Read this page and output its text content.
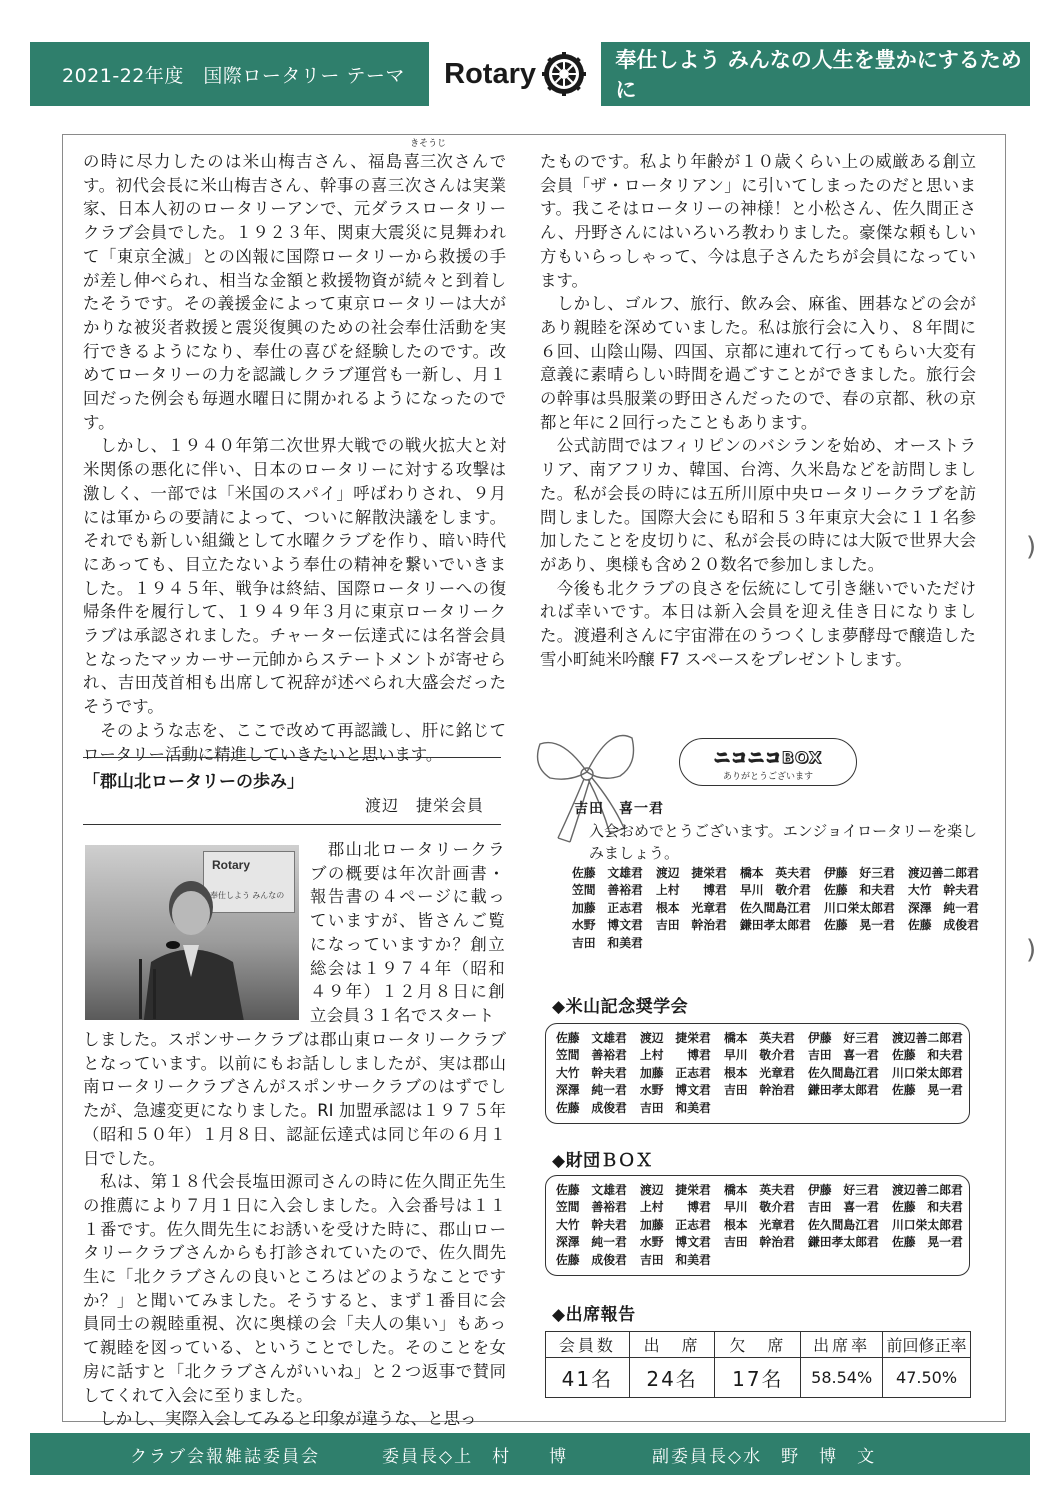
2021-22年度　国際ロータリー テーマ	Rotary	奉仕しよう みんなの人生を豊かにするために

の時に尽力したのは米山梅吉さん、福島
きそうじ
喜三次さんです。初代会長に米山梅吉さん、幹事の喜三次さんは実業家、日本人初のロータリーアンで、元ダラスロータリークラブ会員でした。１９２３年、関東大震災に見舞われて「東京全滅」との凶報に国際ロータリーから救援の手が差し伸べられ、相当な金額と救援物資が続々と到着したそうです。その義援金によって東京ロータリーは大がかりな被災者救援と震災復興のための社会奉仕活動を実行できるようになり、奉仕の喜びを経験したのです。改めてロータリーの力を認識しクラブ運営も一新し、月１回だった例会も毎週水曜日に開かれるようになったのです。

　しかし、１９４０年第二次世界大戦での戦火拡大と対米関係の悪化に伴い、日本のロータリーに対する攻撃は激しく、一部では「米国のスパイ」呼ばわりされ、９月には軍からの要請によって、ついに解散決議をします。それでも新しい組織として水曜クラブを作り、暗い時代にあっても、目立たないよう奉仕の精神を繋いでいきました。１９４５年、戦争は終結、国際ロータリーへの復帰条件を履行して、１９４９年３月に東京ロータリークラブは承認されました。チャーター伝達式には名誉会員となったマッカーサー元帥からステートメントが寄せられ、吉田茂首相も出席して祝辞が述べられ大盛会だったそうです。

　そのような志を、ここで改めて再認識し、肝に銘じてロータリー活動に精進していきたいと思います。

「郡山北ロータリーの歩み」
渡辺　捷栄会員
Rotary
奉仕しよう みんなの

　郡山北ロータリークラブの概要は年次計画書・報告書の４ページに載っていますが、皆さんご覧になっていますか？創立総会は１９７４年（昭和４９年）１２月８日に創立会員３１名でスタート

しました。スポンサークラブは郡山東ロータリークラブとなっています。以前にもお話ししましたが、実は郡山南ロータリークラブさんがスポンサークラブのはずでしたが、急遽変更になりました。RI 加盟承認は１９７５年（昭和５０年）１月８日、認証伝達式は同じ年の６月１日でした。

　私は、第１８代会長塩田源司さんの時に佐久間正先生の推薦により７月１日に入会しました。入会番号は１１１番です。佐久間先生にお誘いを受けた時に、郡山ロータリークラブさんからも打診されていたので、佐久間先生に「北クラブさんの良いところはどのようなことですか？」と聞いてみました。そうすると、まず１番目に会員同士の親睦重視、次に奥様の会「夫人の集い」もあって親睦を図っている、ということでした。そのことを女房に話すと「北クラブさんがいいね」と２つ返事で賛同してくれて入会に至りました。

　しかし、実際入会してみると印象が違うな、と思っ

たものです。私より年齢が１０歳くらい上の威厳ある創立会員「ザ・ロータリアン」に引いてしまったのだと思います。我こそはロータリーの神様！と小松さん、佐久間正さん、丹野さんにはいろいろ教わりました。豪傑な頼もしい方もいらっしゃって、今は息子さんたちが会員になっています。

　しかし、ゴルフ、旅行、飲み会、麻雀、囲碁などの会があり親睦を深めていました。私は旅行会に入り、８年間に６回、山陰山陽、四国、京都に連れて行ってもらい大変有意義に素晴らしい時間を過ごすことができました。旅行会の幹事は呉服業の野田さんだったので、春の京都、秋の京都と年に２回行ったこともあります。

　公式訪問ではフィリピンのバシランを始め、オーストラリア、南アフリカ、韓国、台湾、久米島などを訪問しました。私が会長の時には五所川原中央ロータリークラブを訪問しました。国際大会にも昭和５３年東京大会に１１名参加したことを皮切りに、私が会長の時には大阪で世界大会があり、奥様も含め２０数名で参加しました。

　今後も北クラブの良さを伝統にして引き継いでいただければ幸いです。本日は新入会員を迎え佳き日になりました。渡邉利さんに宇宙滞在のうつくしま夢酵母で醸造した雪小町純米吟醸 F7 スペースをプレゼントします。

ニコニコBOX
ありがとうございます
吉田　喜一君
入会おめでとうございます。エンジョイロータリーを楽しみましょう。
佐藤　文雄君	渡辺　捷栄君	橋本　英夫君	伊藤　好三君	渡辺善二郎君
笠間　善裕君	上村　　博君	早川　敬介君	佐藤　和夫君	大竹　幹夫君
加藤　正志君	根本　光章君	佐久間島江君	川口栄太郎君	深澤　純一君
水野　博文君	吉田　幹治君	鎌田孝太郎君	佐藤　晃一君	佐藤　成俊君
吉田　和美君
◆米山記念奨学会
佐藤　文雄君	渡辺　捷栄君	橋本　英夫君	伊藤　好三君	渡辺善二郎君
笠間　善裕君	上村　　博君	早川　敬介君	吉田　喜一君	佐藤　和夫君
大竹　幹夫君	加藤　正志君	根本　光章君	佐久間島江君	川口栄太郎君
深澤　純一君	水野　博文君	吉田　幹治君	鎌田孝太郎君	佐藤　晃一君
佐藤　成俊君	吉田　和美君
◆財団ＢＯＸ
佐藤　文雄君	渡辺　捷栄君	橋本　英夫君	伊藤　好三君	渡辺善二郎君
笠間　善裕君	上村　　博君	早川　敬介君	吉田　喜一君	佐藤　和夫君
大竹　幹夫君	加藤　正志君	根本　光章君	佐久間島江君	川口栄太郎君
深澤　純一君	水野　博文君	吉田　幹治君	鎌田孝太郎君	佐藤　晃一君
佐藤　成俊君	吉田　和美君
◆出席報告
会員数	出　席	欠　席	出席率	前回修正率
41名	24名	17名	58.54%	47.50%
)
)
クラブ会報雑誌委員会	委員長◇上　村　　博	副委員長◇水　野　博　文
